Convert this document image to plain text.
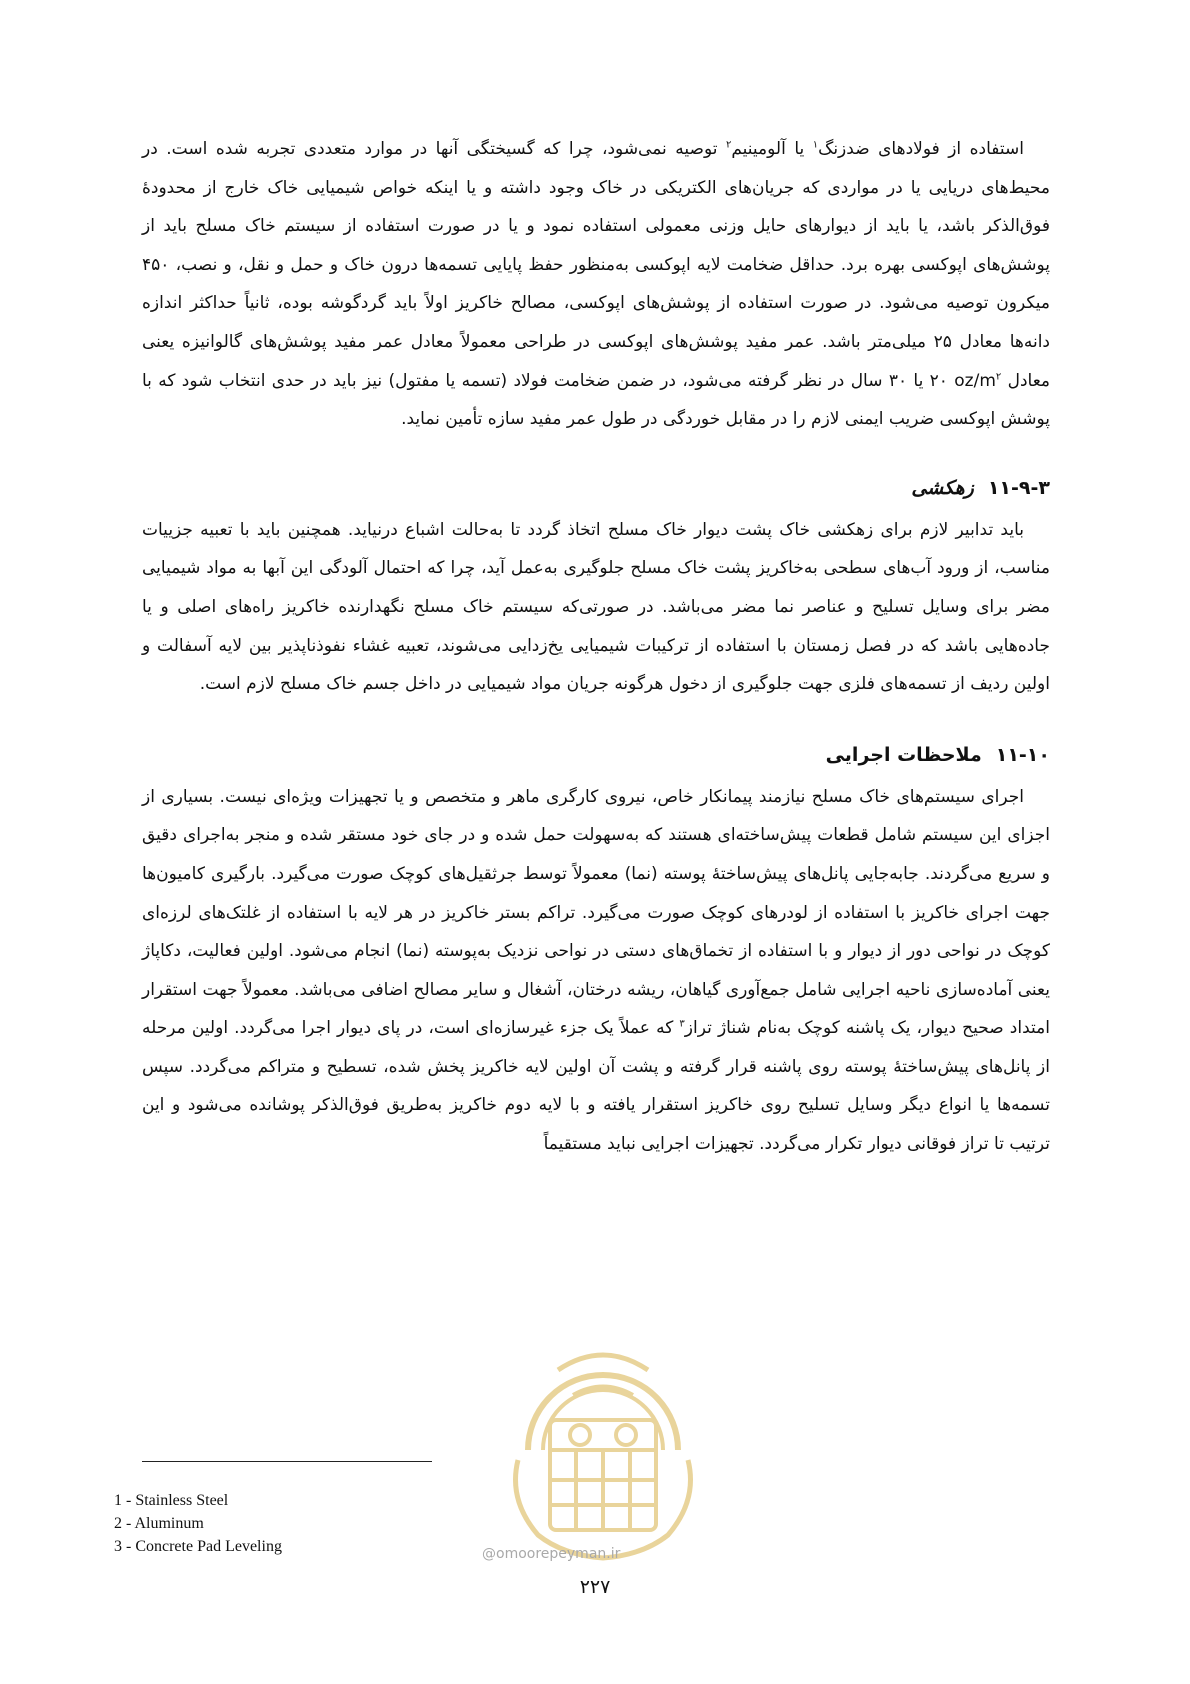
استفاده از فولادهای ضدزنگ$^۱$ یا آلومینیم$^۲$ توصیه نمی‌شود، چرا که گسیختگی آنها در موارد متعددی تجربه شده است. در محیط‌های دریایی یا در مواردی که جریان‌های الکتریکی در خاک وجود داشته و یا اینکه خواص شیمیایی خاک خارج از محدودهٔ فوق‌الذکر باشد، یا باید از دیوارهای حایل وزنی معمولی استفاده نمود و یا در صورت استفاده از سیستم خاک مسلح باید از پوشش‌های اپوکسی بهره برد. حداقل ضخامت لایه اپوکسی به‌منظور حفظ پایایی تسمه‌ها درون خاک و حمل و نقل، و نصب، ۴۵۰ میکرون توصیه می‌شود. در صورت استفاده از پوشش‌های اپوکسی، مصالح خاکریز اولاً باید گردگوشه بوده، ثانیاً حداکثر اندازه دانه‌ها معادل ۲۵ میلی‌متر باشد. عمر مفید پوشش‌های اپوکسی در طراحی معمولاً معادل عمر مفید پوشش‌های گالوانیزه یعنی معادل $oz/m^۲$ ۲۰ یا ۳۰ سال در نظر گرفته می‌شود، در ضمن ضخامت فولاد (تسمه یا مفتول) نیز باید در حدی انتخاب شود که با پوشش اپوکسی ضریب ایمنی لازم را در مقابل خوردگی در طول عمر مفید سازه تأمین نماید.

۱۱-۹-۳زهکشی

باید تدابیر لازم برای زهکشی خاک پشت دیوار خاک مسلح اتخاذ گردد تا به‌حالت اشباع درنیاید. همچنین باید با تعبیه جزییات مناسب، از ورود آب‌های سطحی به‌خاکریز پشت خاک مسلح جلوگیری به‌عمل آید، چرا که احتمال آلودگی این آبها به مواد شیمیایی مضر برای وسایل تسلیح و عناصر نما مضر می‌باشد. در صورتی‌که سیستم خاک مسلح نگهدارنده خاکریز راه‌های اصلی و یا جاده‌هایی باشد که در فصل زمستان با استفاده از ترکیبات شیمیایی یخ‌زدایی می‌شوند، تعبیه غشاء نفوذناپذیر بین لایه آسفالت و اولین ردیف از تسمه‌های فلزی جهت جلوگیری از دخول هرگونه جریان مواد شیمیایی در داخل جسم خاک مسلح لازم است.

۱۱-۱۰ملاحظات اجرایی

اجرای سیستم‌های خاک مسلح نیازمند پیمانکار خاص، نیروی کارگری ماهر و متخصص و یا تجهیزات ویژه‌ای نیست. بسیاری از اجزای این سیستم شامل قطعات پیش‌ساخته‌ای هستند که به‌سهولت حمل شده و در جای خود مستقر شده و منجر به‌اجرای دقیق و سریع می‌گردند. جابه‌جایی پانل‌های پیش‌ساختهٔ پوسته (نما) معمولاً توسط جرثقیل‌های کوچک صورت می‌گیرد. بارگیری کامیون‌ها جهت اجرای خاکریز با استفاده از لودرهای کوچک صورت می‌گیرد. تراکم بستر خاکریز در هر لایه با استفاده از غلتک‌های لرزه‌ای کوچک در نواحی دور از دیوار و با استفاده از تخماق‌های دستی در نواحی نزدیک به‌پوسته (نما) انجام می‌شود. اولین فعالیت، دکاپاژ یعنی آماده‌سازی ناحیه اجرایی شامل جمع‌آوری گیاهان، ریشه درختان، آشغال و سایر مصالح اضافی می‌باشد. معمولاً جهت استقرار امتداد صحیح دیوار، یک پاشنه کوچک به‌نام شناژ تراز$^۳$ که عملاً یک جزء غیرسازه‌ای است، در پای دیوار اجرا می‌گردد. اولین مرحله از پانل‌های پیش‌ساختهٔ پوسته روی پاشنه قرار گرفته و پشت آن اولین لایه خاکریز پخش شده، تسطیح و متراکم می‌گردد. سپس تسمه‌ها یا انواع دیگر وسایل تسلیح روی خاکریز استقرار یافته و با لایه دوم خاکریز به‌طریق فوق‌الذکر پوشانده می‌شود و این ترتیب تا تراز فوقانی دیوار تکرار می‌گردد. تجهیزات اجرایی نباید مستقیماً

1 - Stainless Steel

2 - Aluminum

3 - Concrete Pad Leveling	@omoorepeyman.ir
۲۲۷
